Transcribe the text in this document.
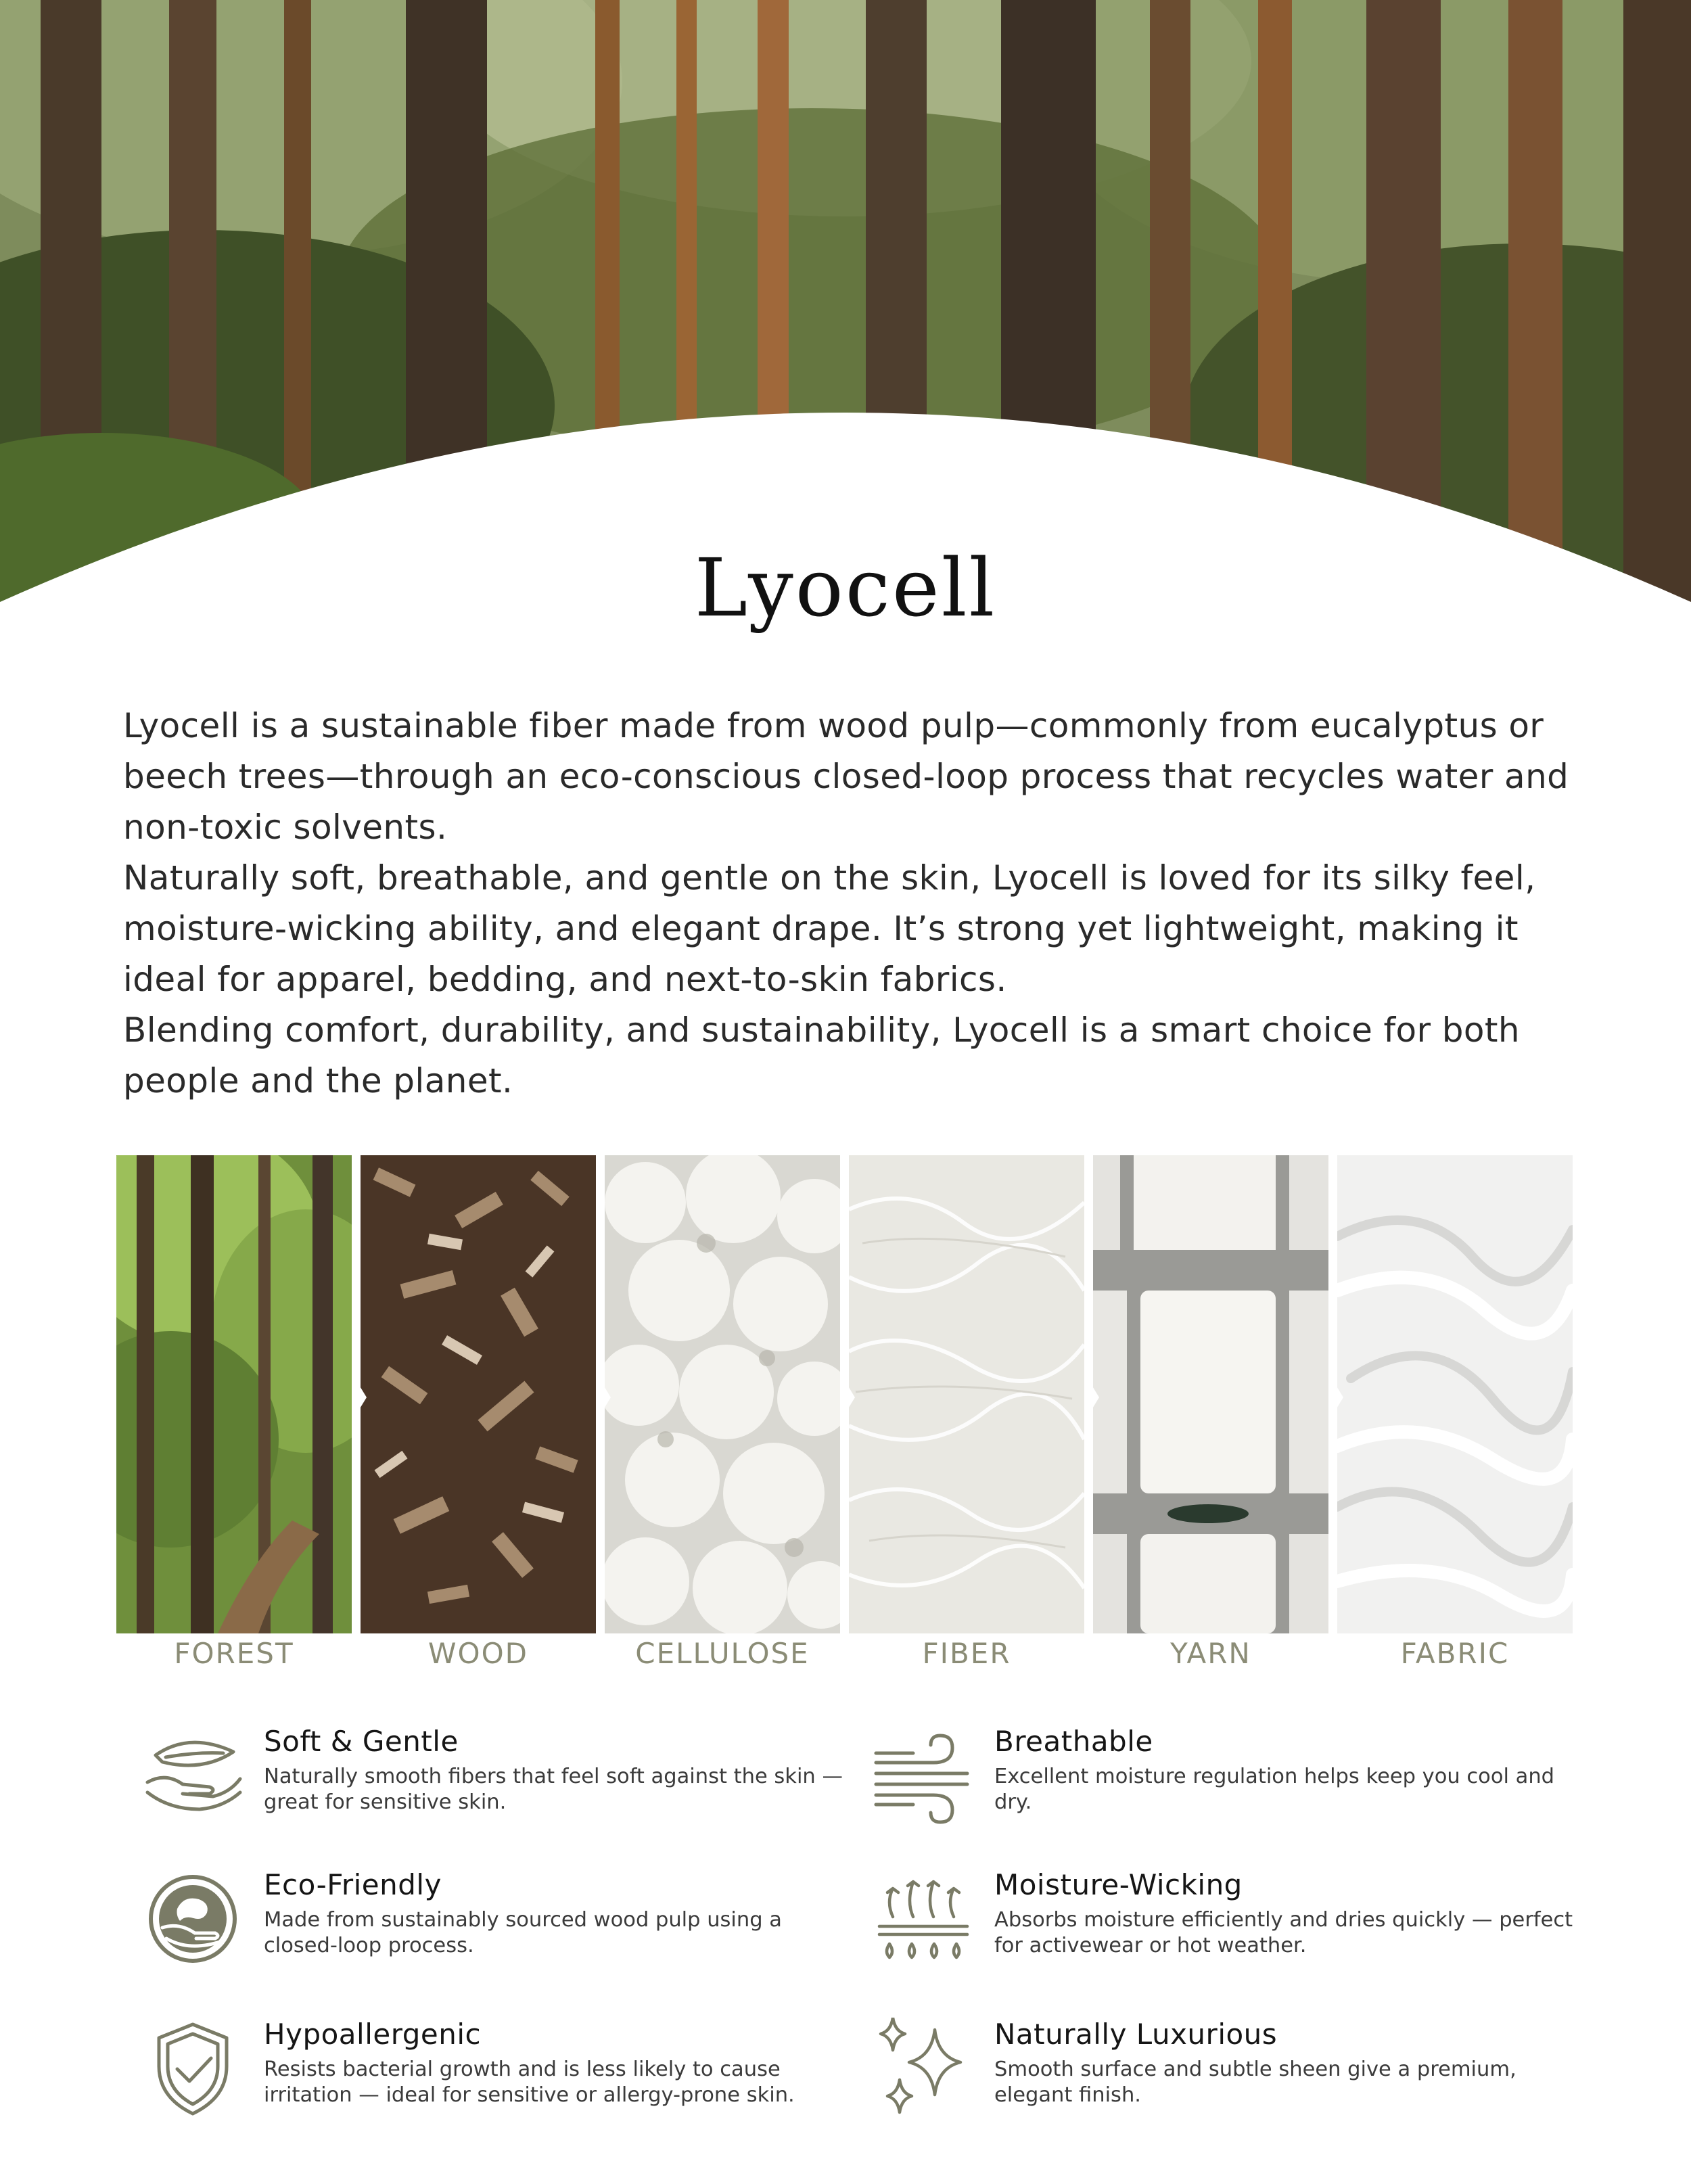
Lyocell

Lyocell is a sustainable fiber made from wood pulp—commonly from eucalyptus or beech trees—through an eco-conscious closed-loop process that recycles water and non-toxic solvents.

Naturally soft, breathable, and gentle on the skin, Lyocell is loved for its silky feel, moisture-wicking ability, and elegant drape. It’s strong yet lightweight, making it ideal for apparel, bedding, and next-to-skin fabrics.

Blending comfort, durability, and sustainability, Lyocell is a smart choice for both people and the planet.

FOREST	WOOD	CELLULOSE	FIBER	YARN	FABRIC
Soft & Gentle

Naturally smooth fibers that feel soft against the skin — great for sensitive skin.

Breathable

Excellent moisture regulation helps keep you cool and dry.

Eco-Friendly

Made from sustainably sourced wood pulp using a closed-loop process.

Moisture-Wicking

Absorbs moisture efficiently and dries quickly — perfect for activewear or hot weather.

Hypoallergenic

Resists bacterial growth and is less likely to cause irritation — ideal for sensitive or allergy-prone skin.

Naturally Luxurious

Smooth surface and subtle sheen give a premium, elegant finish.
